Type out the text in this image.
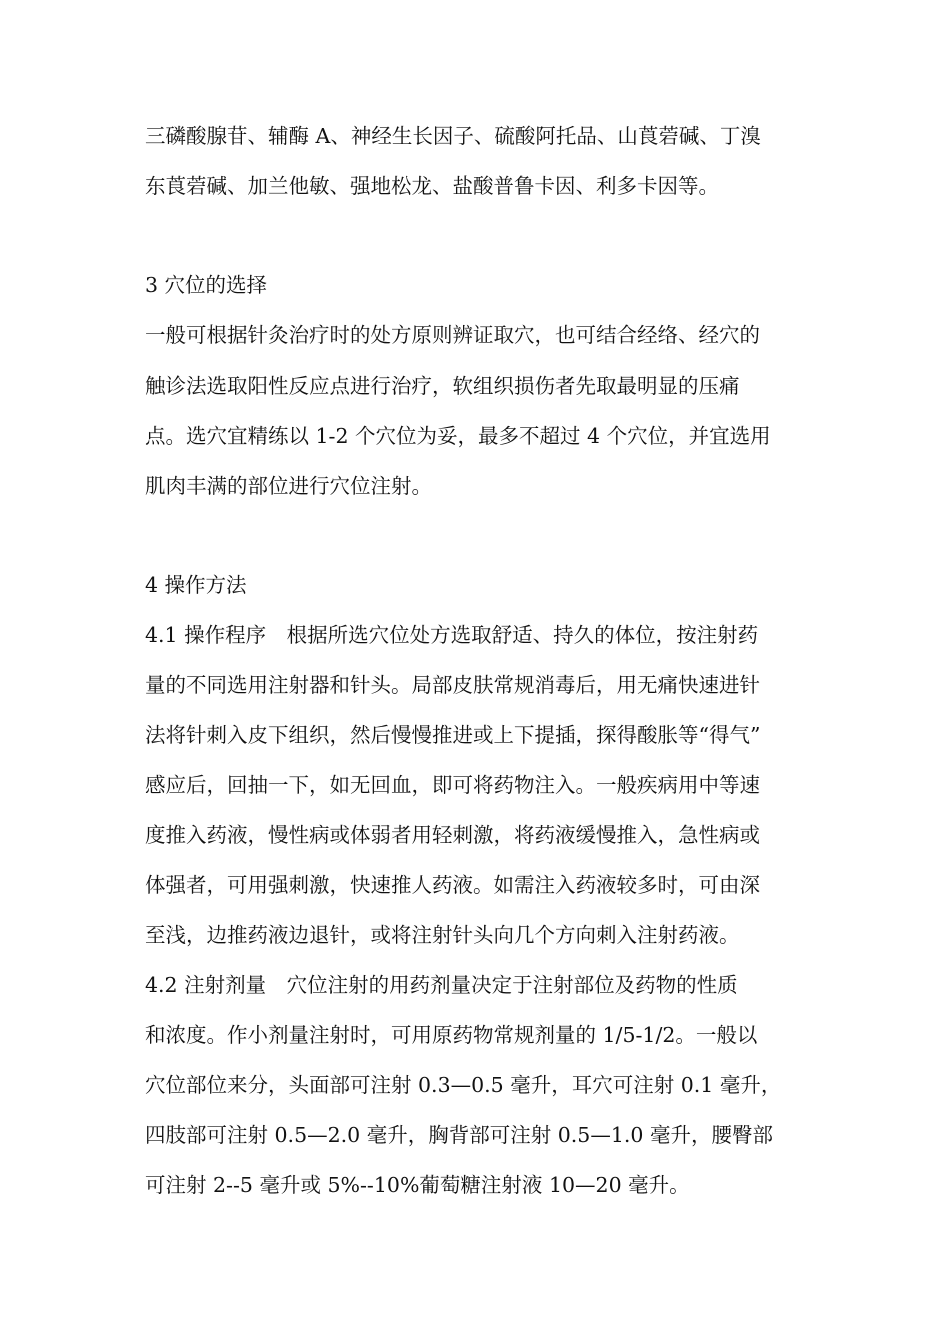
三磷酸腺苷、辅酶 A、神经生长因子、硫酸阿托品、山莨菪碱、丁溴
东莨菪碱、加兰他敏、强地松龙、盐酸普鲁卡因、利多卡因等。
3 穴位的选择
一般可根据针灸治疗时的处方原则辨证取穴，也可结合经络、经穴的
触诊法选取阳性反应点进行治疗，软组织损伤者先取最明显的压痛
点。选穴宜精练以 1-2 个穴位为妥，最多不超过 4 个穴位，并宜选用
肌肉丰满的部位进行穴位注射。
4 操作方法
4.1 操作程序　根据所选穴位处方选取舒适、持久的体位，按注射药
量的不同选用注射器和针头。局部皮肤常规消毒后，用无痛快速进针
法将针刺入皮下组织，然后慢慢推进或上下提插，探得酸胀等“得气”
感应后，回抽一下，如无回血，即可将药物注入。一般疾病用中等速
度推入药液，慢性病或体弱者用轻刺激，将药液缓慢推入，急性病或
体强者，可用强刺激，快速推人药液。如需注入药液较多时，可由深
至浅，边推药液边退针，或将注射针头向几个方向刺入注射药液。
4.2 注射剂量　穴位注射的用药剂量决定于注射部位及药物的性质
和浓度。作小剂量注射时，可用原药物常规剂量的 1/5-1/2。一般以
穴位部位来分，头面部可注射 0.3—0.5 毫升，耳穴可注射 0.1 毫升，
四肢部可注射 0.5—2.0 毫升，胸背部可注射 0.5—1.0 毫升，腰臀部
可注射 2--5 毫升或 5%--10%葡萄糖注射液 10—20 毫升。
